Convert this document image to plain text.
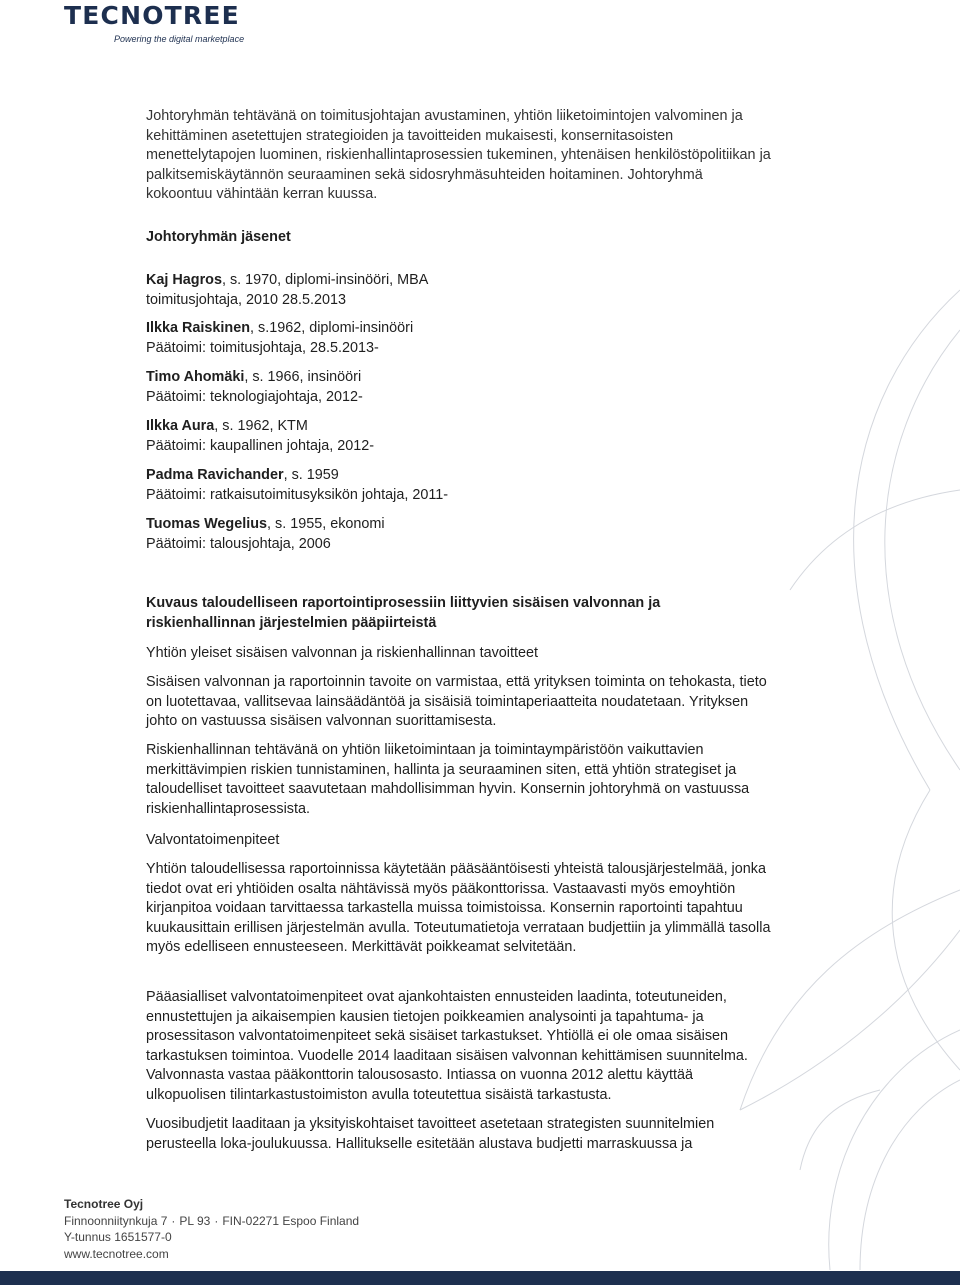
TECNOTREE
Powering the digital marketplace

Johtoryhmän tehtävänä on toimitusjohtajan avustaminen, yhtiön liiketoimintojen valvominen ja kehittäminen asetettujen strategioiden ja tavoitteiden mukaisesti, konsernitasoisten menettelytapojen luominen, riskienhallintaprosessien tukeminen, yhtenäisen henkilöstöpolitiikan ja palkitsemiskäytännön seuraaminen sekä sidosryhmäsuhteiden hoitaminen. Johtoryhmä kokoontuu vähintään kerran kuussa.

Johtoryhmän jäsenet

Kaj Hagros, s. 1970, diplomi-insinööri, MBA

toimitusjohtaja, 2010 28.5.2013

Ilkka Raiskinen, s.1962, diplomi-insinööri

Päätoimi: toimitusjohtaja, 28.5.2013-

Timo Ahomäki, s. 1966, insinööri

Päätoimi: teknologiajohtaja, 2012-

Ilkka Aura, s. 1962, KTM

Päätoimi: kaupallinen johtaja, 2012-

Padma Ravichander, s. 1959

Päätoimi: ratkaisutoimitusyksikön johtaja, 2011-

Tuomas Wegelius, s. 1955, ekonomi

Päätoimi: talousjohtaja, 2006

Kuvaus taloudelliseen raportointiprosessiin liittyvien sisäisen valvonnan ja riskienhallinnan järjestelmien pääpiirteistä

Yhtiön yleiset sisäisen valvonnan ja riskienhallinnan tavoitteet

Sisäisen valvonnan ja raportoinnin tavoite on varmistaa, että yrityksen toiminta on tehokasta, tieto on luotettavaa, vallitsevaa lainsäädäntöä ja sisäisiä toimintaperiaatteita noudatetaan. Yrityksen johto on vastuussa sisäisen valvonnan suorittamisesta.

Riskienhallinnan tehtävänä on yhtiön liiketoimintaan ja toimintaympäristöön vaikuttavien merkittävimpien riskien tunnistaminen, hallinta ja seuraaminen siten, että yhtiön strategiset ja taloudelliset tavoitteet saavutetaan mahdollisimman hyvin. Konsernin johtoryhmä on vastuussa riskienhallintaprosessista.

Valvontatoimenpiteet

Yhtiön taloudellisessa raportoinnissa käytetään pääsääntöisesti yhteistä talousjärjestelmää, jonka tiedot ovat eri yhtiöiden osalta nähtävissä myös pääkonttorissa. Vastaavasti myös emoyhtiön kirjanpitoa voidaan tarvittaessa tarkastella muissa toimistoissa. Konsernin raportointi tapahtuu kuukausittain erillisen järjestelmän avulla. Toteutumatietoja verrataan budjettiin ja ylimmällä tasolla myös edelliseen ennusteeseen. Merkittävät poikkeamat selvitetään.

Pääasialliset valvontatoimenpiteet ovat ajankohtaisten ennusteiden laadinta, toteutuneiden, ennustettujen ja aikaisempien kausien tietojen poikkeamien analysointi ja tapahtuma- ja prosessitason valvontatoimenpiteet sekä sisäiset tarkastukset. Yhtiöllä ei ole omaa sisäisen tarkastuksen toimintoa. Vuodelle 2014 laaditaan sisäisen valvonnan kehittämisen suunnitelma. Valvonnasta vastaa pääkonttorin talousosasto. Intiassa on vuonna 2012 alettu käyttää ulkopuolisen tilintarkastustoimiston avulla toteutettua sisäistä tarkastusta.

Vuosibudjetit laaditaan ja yksityiskohtaiset tavoitteet asetetaan strategisten suunnitelmien perusteella loka-joulukuussa. Hallitukselle esitetään alustava budjetti marraskuussa ja

Tecnotree Oyj
Finnoonniitynkuja 7 · PL 93 · FIN-02271 Espoo Finland
Y-tunnus 1651577-0
www.tecnotree.com
